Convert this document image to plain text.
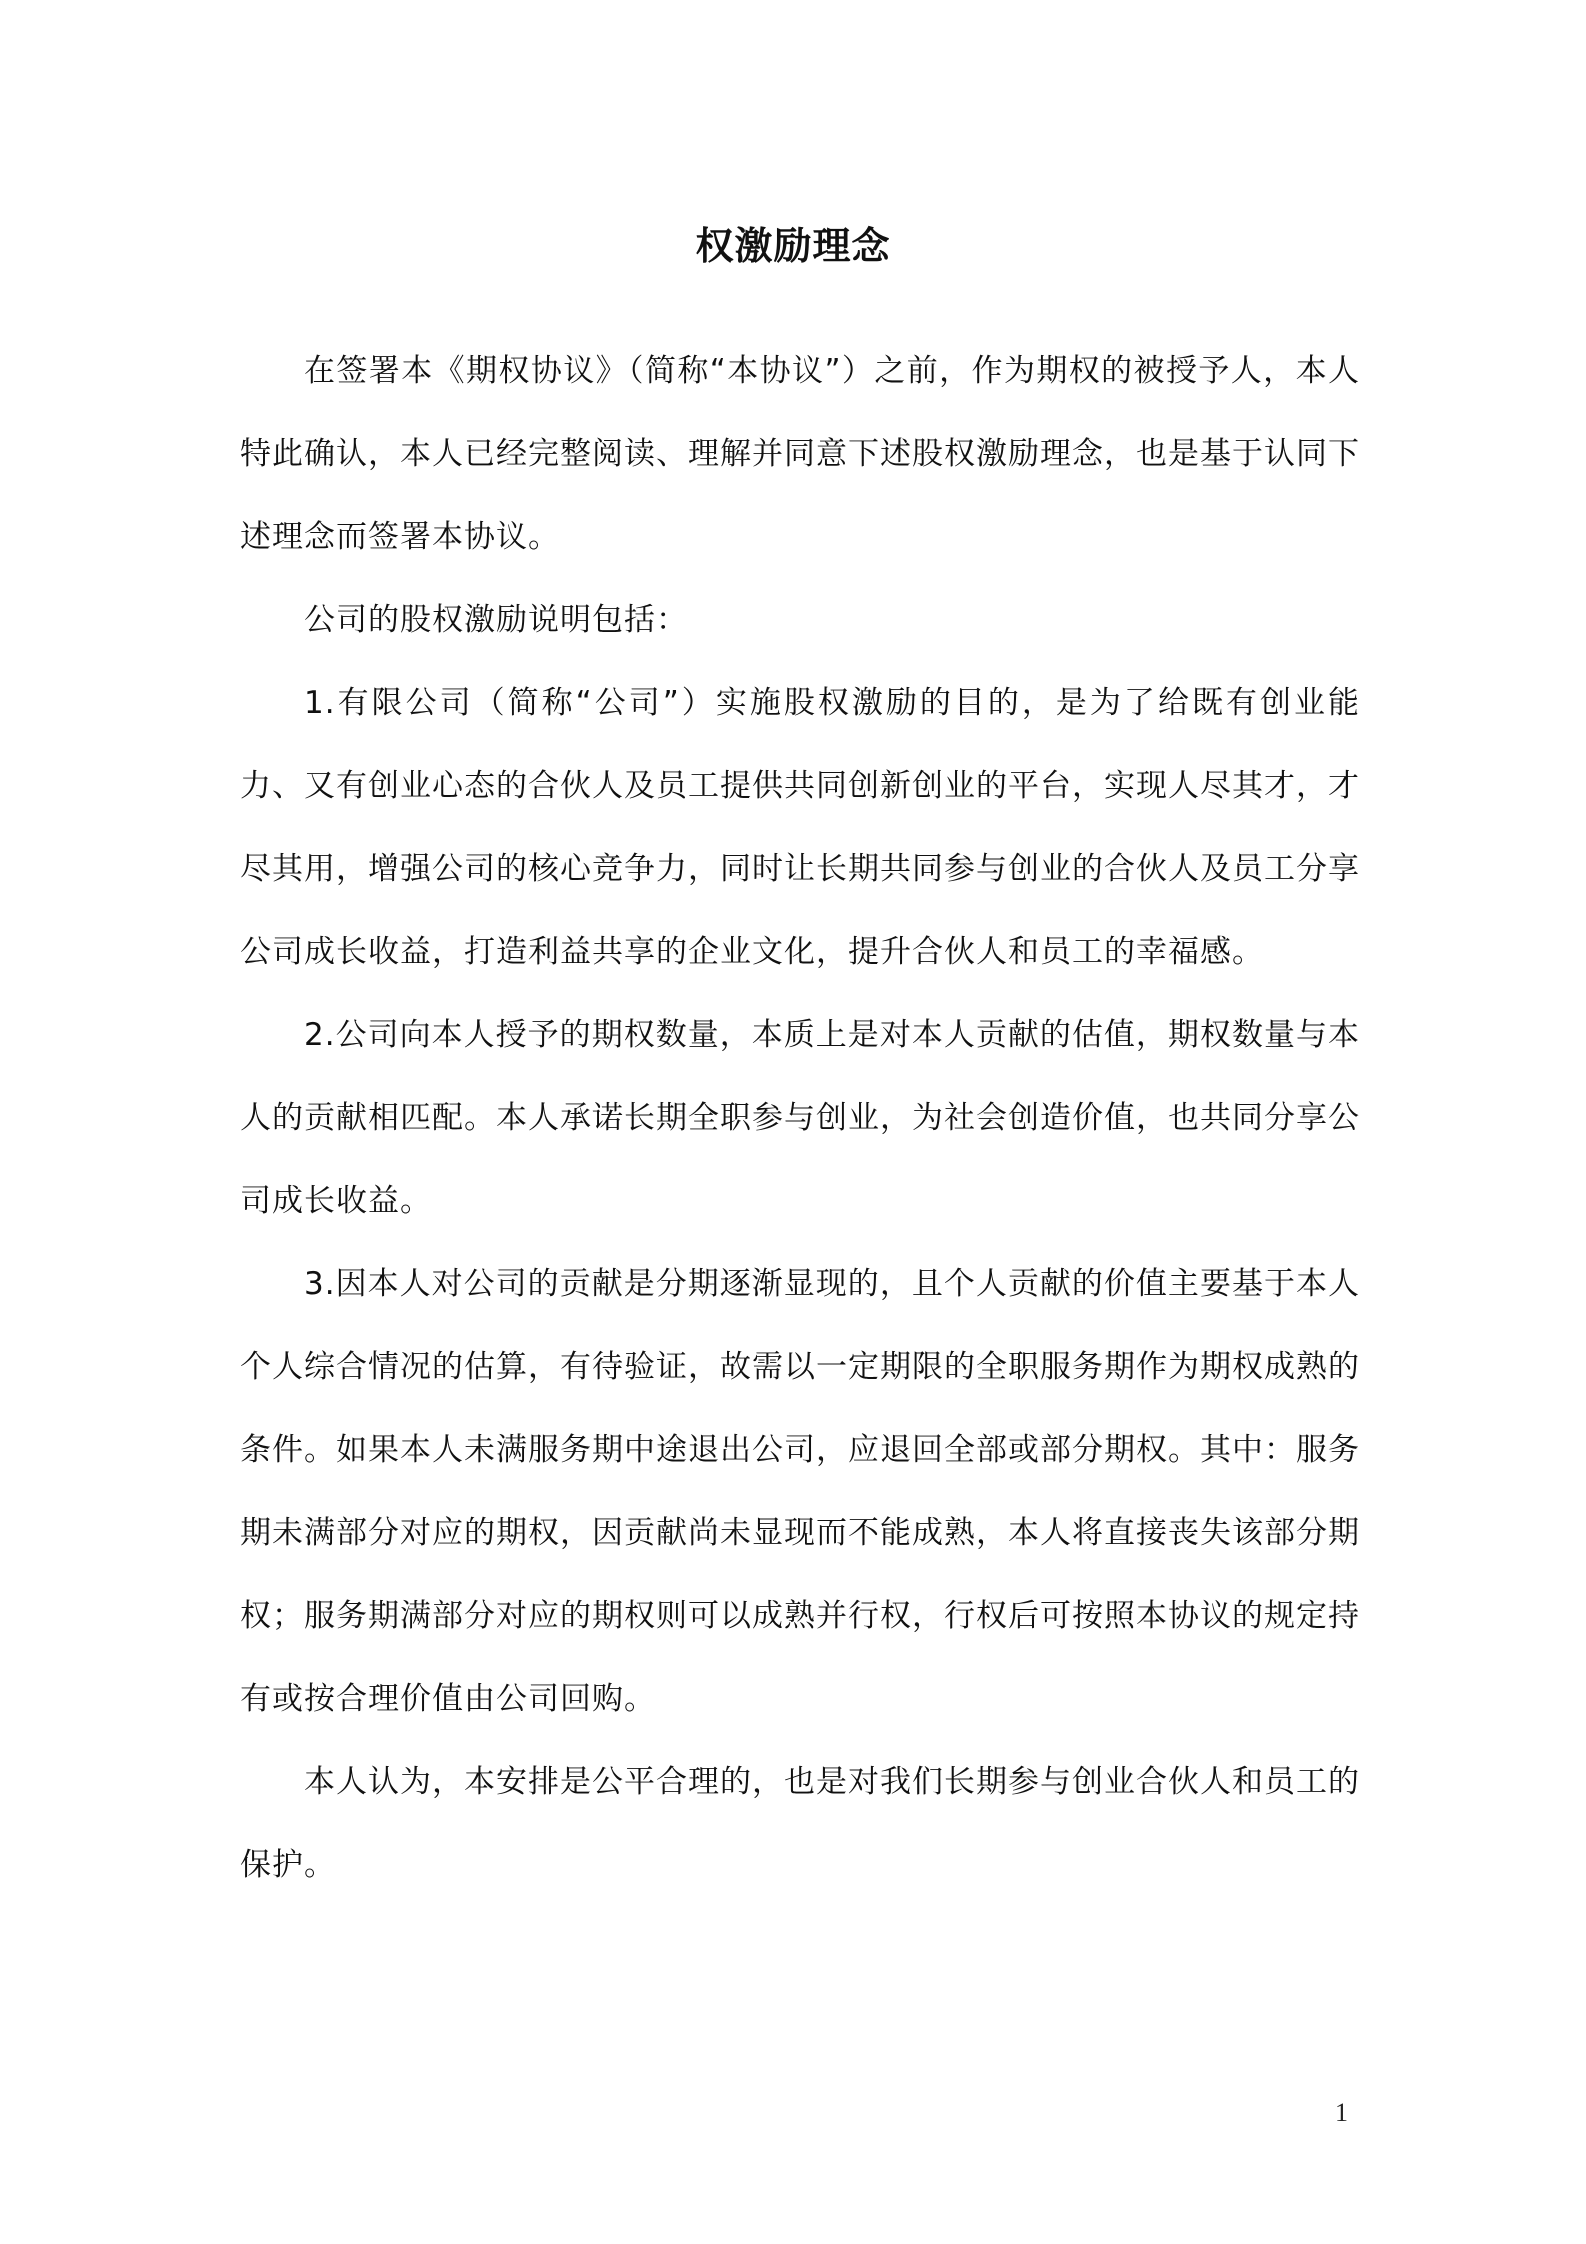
权激励理念

在签署本《期权协议》（简称“本协议”）之前，作为期权的被授予人，本人特此确认，本人已经完整阅读、理解并同意下述股权激励理念，也是基于认同下述理念而签署本协议。

公司的股权激励说明包括：

1.有限公司（简称“公司”）实施股权激励的目的，是为了给既有创业能力、又有创业心态的合伙人及员工提供共同创新创业的平台，实现人尽其才，才尽其用，增强公司的核心竞争力，同时让长期共同参与创业的合伙人及员工分享公司成长收益，打造利益共享的企业文化，提升合伙人和员工的幸福感。

2.公司向本人授予的期权数量，本质上是对本人贡献的估值，期权数量与本人的贡献相匹配。本人承诺长期全职参与创业，为社会创造价值，也共同分享公司成长收益。

3.因本人对公司的贡献是分期逐渐显现的，且个人贡献的价值主要基于本人个人综合情况的估算，有待验证，故需以一定期限的全职服务期作为期权成熟的条件。如果本人未满服务期中途退出公司，应退回全部或部分期权。其中：服务期未满部分对应的期权，因贡献尚未显现而不能成熟，本人将直接丧失该部分期权；服务期满部分对应的期权则可以成熟并行权，行权后可按照本协议的规定持有或按合理价值由公司回购。

本人认为，本安排是公平合理的，也是对我们长期参与创业合伙人和员工的保护。

1
